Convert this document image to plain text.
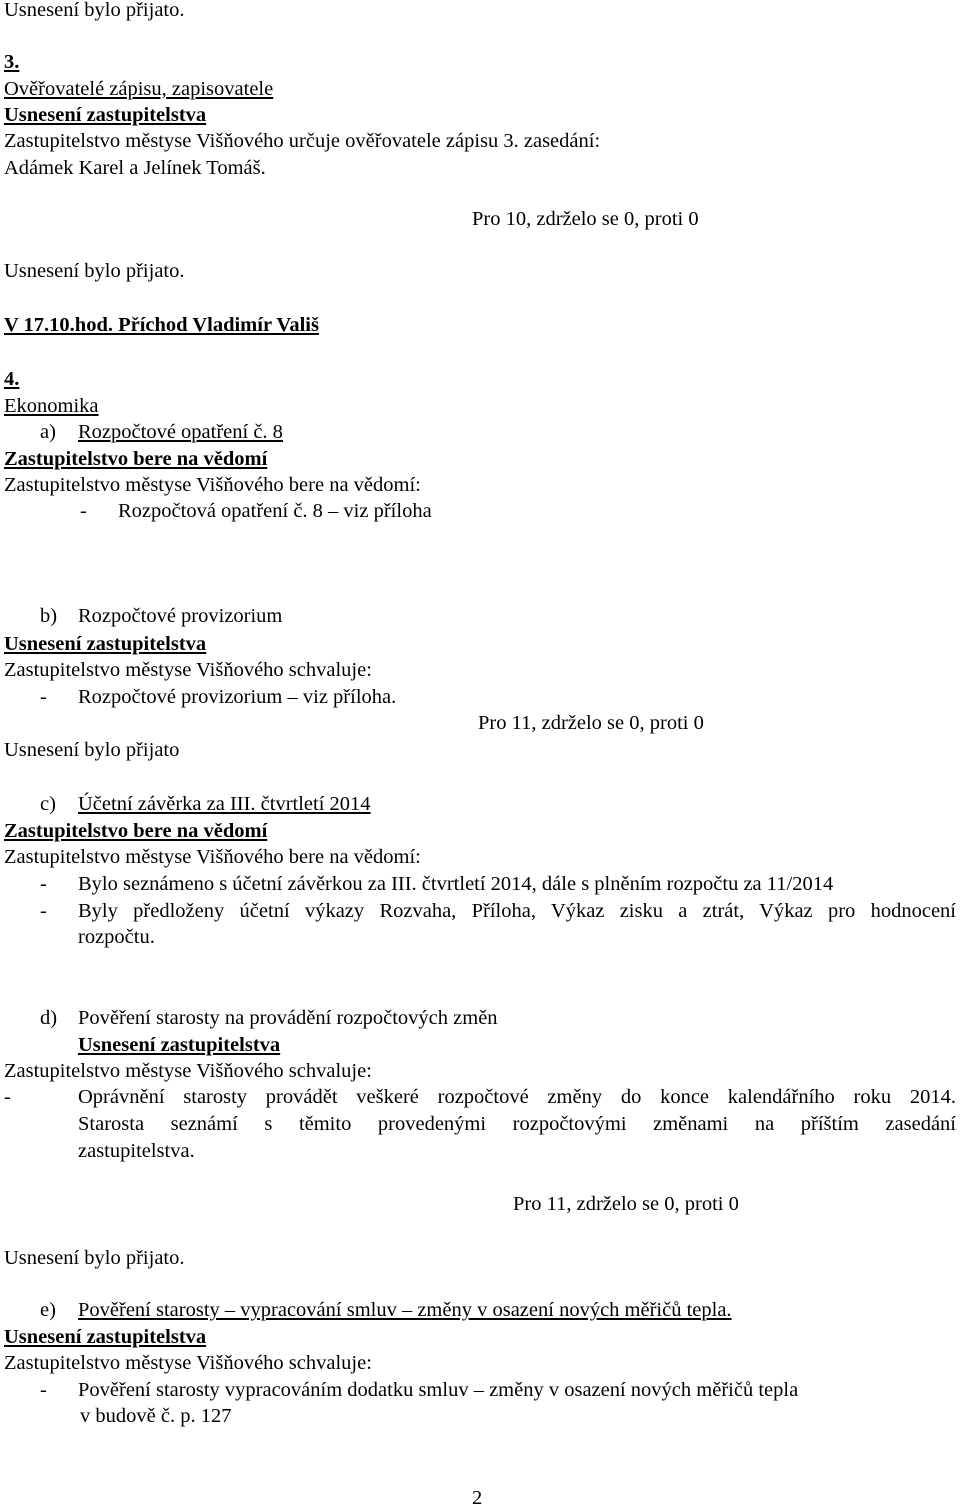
Usnesení bylo přijato.
3.
Ověřovatelé zápisu, zapisovatele
Usnesení zastupitelstva
Zastupitelstvo městyse Višňového určuje ověřovatele zápisu 3. zasedání:
Adámek Karel a Jelínek Tomáš.
Pro 10, zdrželo se 0, proti 0
Usnesení bylo přijato.
V 17.10.hod. Příchod Vladimír Vališ
4.
Ekonomika
a) Rozpočtové opatření č. 8
Zastupitelstvo bere na vědomí
Zastupitelstvo městyse Višňového bere na vědomí:
- Rozpočtová opatření č. 8 – viz příloha
b) Rozpočtové provizorium
Usnesení zastupitelstva
Zastupitelstvo městyse Višňového schvaluje:
- Rozpočtové provizorium – viz příloha.
Pro 11, zdrželo se 0, proti 0
Usnesení bylo přijato
c) Účetní závěrka za III. čtvrtletí 2014
Zastupitelstvo bere na vědomí
Zastupitelstvo městyse Višňového bere na vědomí:
- Bylo seznámeno s účetní závěrkou za III. čtvrtletí 2014, dále s plněním rozpočtu za 11/2014
- Byly předloženy účetní výkazy Rozvaha, Příloha, Výkaz zisku a ztrát, Výkaz pro hodnocení
rozpočtu.
d) Pověření starosty na provádění rozpočtových změn
Usnesení zastupitelstva
Zastupitelstvo městyse Višňového schvaluje:
-	Oprávnění starosty provádět veškeré rozpočtové změny do konce kalendářního roku 2014.
Starosta seznámí s těmito provedenými rozpočtovými změnami na příštím zasedání
zastupitelstva.
Pro 11, zdrželo se 0, proti 0
Usnesení bylo přijato.
e) Pověření starosty – vypracování smluv – změny v osazení nových měřičů tepla.
Usnesení zastupitelstva
Zastupitelstvo městyse Višňového schvaluje:
- Pověření starosty vypracováním dodatku smluv – změny v osazení nových měřičů tepla
v budově č. p. 127
2
